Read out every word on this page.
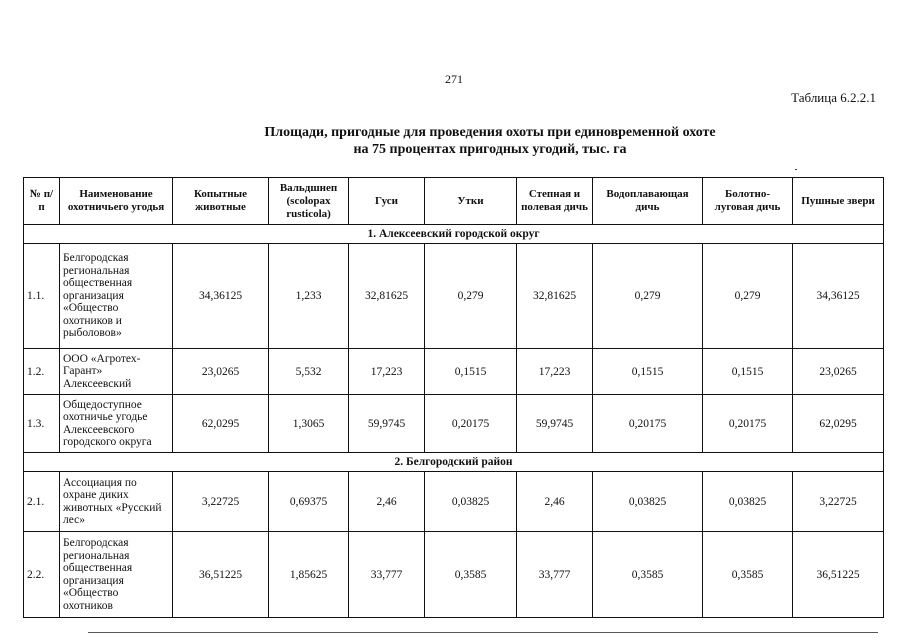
271
Таблица 6.2.2.1
Площади, пригодные для проведения охоты при единовременной охоте
на 75 процентах пригодных угодий, тыс. га
№ п/п	Наименование охотничьего угодья	Копытные животные	Вальдшнеп (scolopax rusticola)	Гуси	Утки	Степная и полевая дичь	Водоплавающая дичь	Болотно-луговая дичь	Пушные звери
1. Алексеевский городской округ									
1.1.	Белгородская региональная общественная организация «Общество охотников и рыболовов»	34,36125	1,233	32,81625	0,279	32,81625	0,279	0,279	34,36125
1.2.	ООО «Агротех-Гарант» Алексеевский	23,0265	5,532	17,223	0,1515	17,223	0,1515	0,1515	23,0265
1.3.	Общедоступное охотничье угодье Алексеевского городского округа	62,0295	1,3065	59,9745	0,20175	59,9745	0,20175	0,20175	62,0295
2. Белгородский район									
2.1.	Ассоциация по охране диких животных «Русский лес»	3,22725	0,69375	2,46	0,03825	2,46	0,03825	0,03825	3,22725
2.2.	Белгородская региональная общественная организация «Общество охотников	36,51225	1,85625	33,777	0,3585	33,777	0,3585	0,3585	36,51225
